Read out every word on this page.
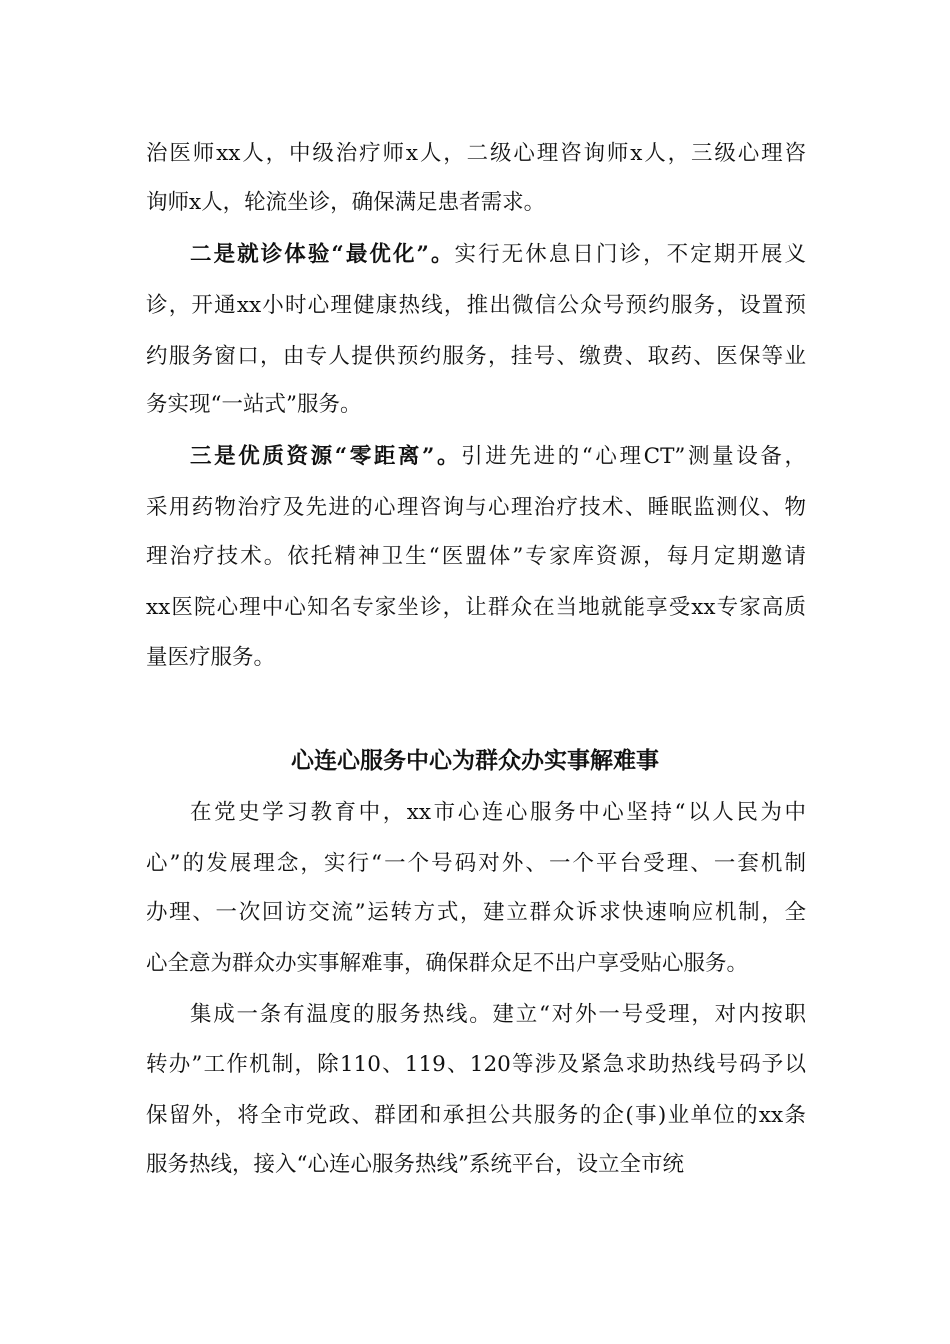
治医师xx人，中级治疗师x人，二级心理咨询师x人，三级心理咨
询师x人，轮流坐诊，确保满足患者需求。
二是就诊体验“最优化”。实行无休息日门诊，不定期开展义
诊，开通xx小时心理健康热线，推出微信公众号预约服务，设置预
约服务窗口，由专人提供预约服务，挂号、缴费、取药、医保等业
务实现“一站式”服务。
三是优质资源“零距离”。引进先进的“心理CT”测量设备，
采用药物治疗及先进的心理咨询与心理治疗技术、睡眠监测仪、物
理治疗技术。依托精神卫生“医盟体”专家库资源，每月定期邀请
xx医院心理中心知名专家坐诊，让群众在当地就能享受xx专家高质
量医疗服务。
心连心服务中心为群众办实事解难事
在党史学习教育中，xx市心连心服务中心坚持“以人民为中
心”的发展理念，实行“一个号码对外、一个平台受理、一套机制
办理、一次回访交流”运转方式，建立群众诉求快速响应机制，全
心全意为群众办实事解难事，确保群众足不出户享受贴心服务。
集成一条有温度的服务热线。建立“对外一号受理，对内按职
转办”工作机制，除110、119、120等涉及紧急求助热线号码予以
保留外，将全市党政、群团和承担公共服务的企(事)业单位的xx条
服务热线，接入“心连心服务热线”系统平台，设立全市统
